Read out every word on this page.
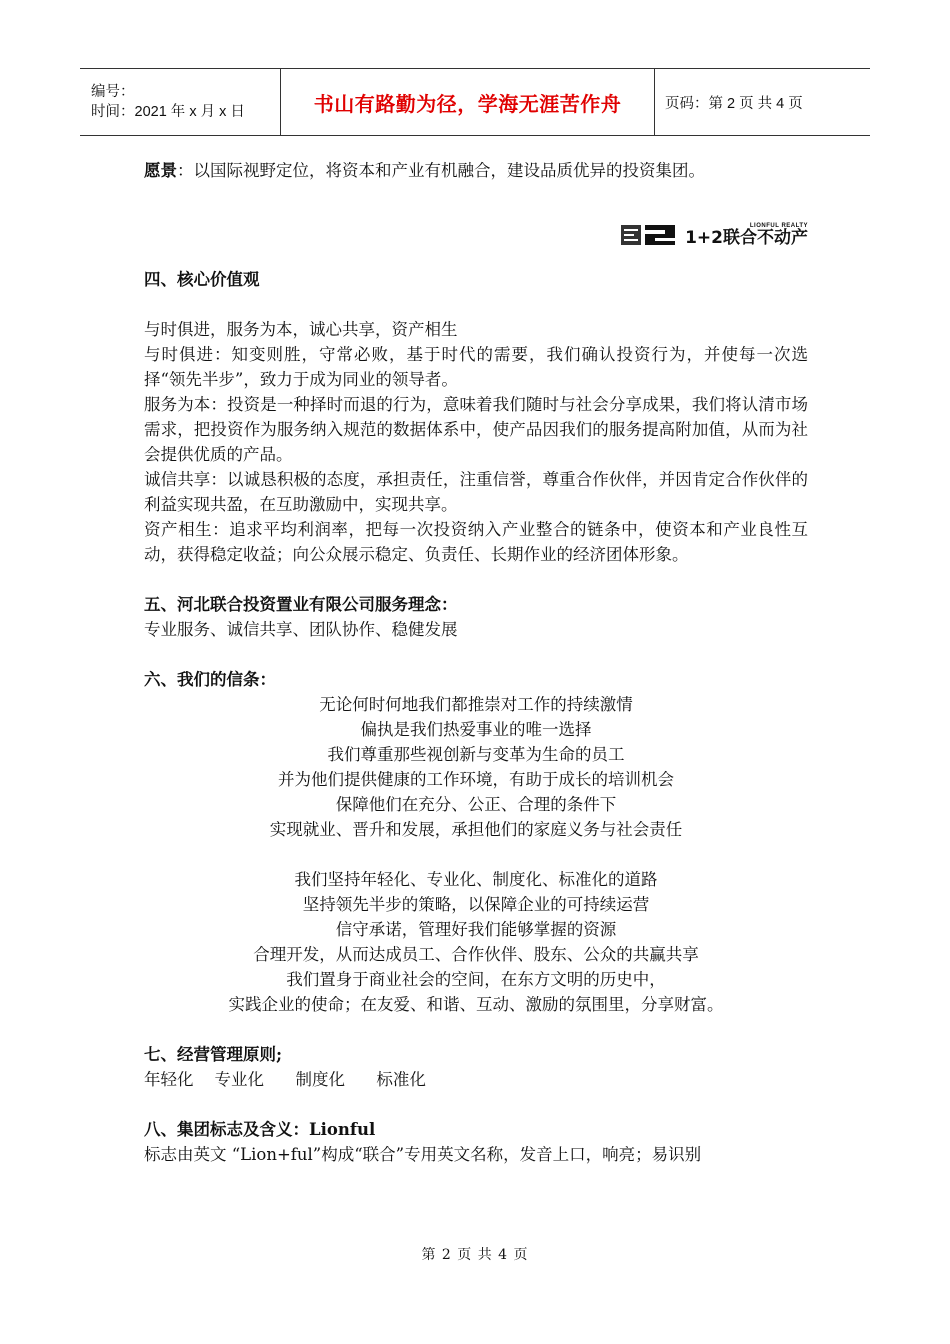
编号：
时间：2021 年 x 月 x 日	书山有路勤为径，学海无涯苦作舟	页码：第 2 页 共 4 页

愿景：以国际视野定位，将资本和产业有机融合，建设品质优异的投资集团。

LIONFUL REALTY
1+2联合不动产

四、核心价值观

与时俱进，服务为本，诚心共享，资产相生

与时俱进：知变则胜，守常必败，基于时代的需要，我们确认投资行为，并使每一次选择“领先半步”，致力于成为同业的领导者。

服务为本：投资是一种择时而退的行为，意味着我们随时与社会分享成果，我们将认清市场需求，把投资作为服务纳入规范的数据体系中，使产品因我们的服务提高附加值，从而为社会提供优质的产品。

诚信共享：以诚恳积极的态度，承担责任，注重信誉，尊重合作伙伴，并因肯定合作伙伴的利益实现共盈，在互助激励中，实现共享。

资产相生：追求平均利润率，把每一次投资纳入产业整合的链条中，使资本和产业良性互动，获得稳定收益；向公众展示稳定、负责任、长期作业的经济团体形象。

五、河北联合投资置业有限公司服务理念：

专业服务、诚信共享、团队协作、稳健发展

六、我们的信条：

无论何时何地我们都推崇对工作的持续激情

偏执是我们热爱事业的唯一选择

我们尊重那些视创新与变革为生命的员工

并为他们提供健康的工作环境，有助于成长的培训机会

保障他们在充分、公正、合理的条件下

实现就业、晋升和发展，承担他们的家庭义务与社会责任

我们坚持年轻化、专业化、制度化、标准化的道路

坚持领先半步的策略，以保障企业的可持续运营

信守承诺，管理好我们能够掌握的资源

合理开发，从而达成员工、合作伙伴、股东、公众的共赢共享

我们置身于商业社会的空间，在东方文明的历史中，

实践企业的使命；在友爱、和谐、互动、激励的氛围里，分享财富。

七、经营管理原则;

年轻化    专业化      制度化      标准化

八、集团标志及含义：Lionful

标志由英文 “Lion+ful”构成“联合”专用英文名称，发音上口，响亮；易识别

第 2 页 共 4 页
